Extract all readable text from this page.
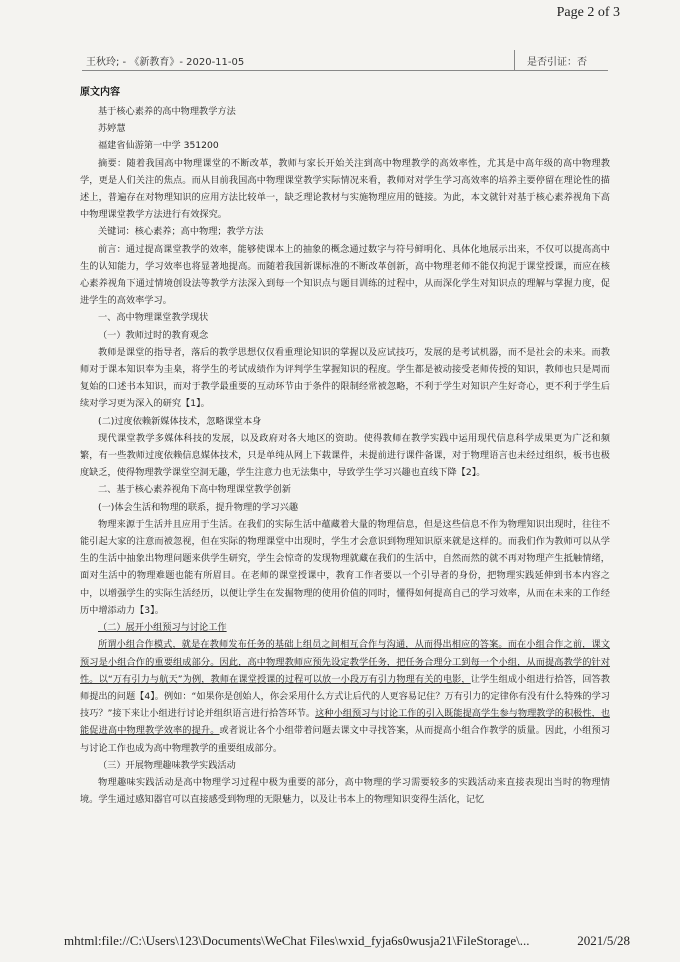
Page 2 of 3
王秋玲; - 《新教育》- 2020-11-05	是否引证：否
原文内容

基于核心素养的高中物理教学方法

苏婷慧

福建省仙游第一中学 351200

摘要：随着我国高中物理课堂的不断改革，教师与家长开始关注到高中物理教学的高效率性，尤其是中高年级的高中物理教学，更是人们关注的焦点。而从目前我国高中物理课堂教学实际情况来看，教师对对学生学习高效率的培养主要停留在理论性的描述上，普遍存在对物理知识的应用方法比较单一，缺乏理论教材与实施物理应用的链接。为此，本文就针对基于核心素养视角下高中物理课堂教学方法进行有效探究。

关键词：核心素养；高中物理；教学方法

前言：通过提高课堂教学的效率，能够使课本上的抽象的概念通过数字与符号鲜明化、具体化地展示出来，不仅可以提高高中生的认知能力，学习效率也将显著地提高。而随着我国新课标准的不断改革创新，高中物理老师不能仅拘泥于课堂授课，而应在核心素养视角下通过情境创设法等教学方法深入到每一个知识点与题目训练的过程中，从而深化学生对知识点的理解与掌握力度，促进学生的高效率学习。

一、高中物理课堂教学现状

（一）教师过时的教育观念

教师是课堂的指导者，落后的教学思想仅仅看重理论知识的掌握以及应试技巧，发展的是考试机器，而不是社会的未来。而教师对于课本知识奉为圭臬，将学生的考试成绩作为评判学生掌握知识的程度。学生都是被动接受老师传授的知识，教师也只是周而复始的口述书本知识，而对于教学最重要的互动环节由于条件的限制经常被忽略，不利于学生对知识产生好奇心，更不利于学生后续对学习更为深入的研究【1】。

(二)过度依赖新媒体技术，忽略课堂本身

现代课堂教学多媒体科技的发展，以及政府对各大地区的资助。使得教师在教学实践中运用现代信息科学成果更为广泛和频繁，有一些教师过度依赖信息媒体技术，只是单纯从网上下载课件，未提前进行课件备课，对于物理语言也未经过组织，板书也极度缺乏，使得物理教学课堂空洞无趣，学生注意力也无法集中，导致学生学习兴趣也直线下降【2】。

二、基于核心素养视角下高中物理课堂教学创新

(一)体会生活和物理的联系，提升物理的学习兴趣

物理来源于生活并且应用于生活。在我们的实际生活中蕴藏着大量的物理信息，但是这些信息不作为物理知识出现时，往往不能引起大家的注意而被忽视，但在实际的物理课堂中出现时，学生才会意识到物理知识原来就是这样的。而我们作为教师可以从学生的生活中抽象出物理问题来供学生研究，学生会惊奇的发现物理就藏在我们的生活中，自然而然的就不再对物理产生抵触情绪，面对生活中的物理难题也能有所眉目。在老师的课堂授课中，教育工作者要以一个引导者的身份，把物理实践延伸到书本内容之中，以增强学生的实际生活经历，以便让学生在发掘物理的使用价值的同时，懂得如何提高自己的学习效率，从而在未来的工作经历中增添动力【3】。

（二）展开小组预习与讨论工作

所谓小组合作模式，就是在教师发布任务的基础上组员之间相互合作与沟通，从而得出相应的答案。而在小组合作之前，课文预习是小组合作的重要组成部分。因此，高中物理教师应预先设定教学任务，把任务合理分工到每一个小组，从而提高教学的针对性。以“万有引力与航天”为例，教师在课堂授课的过程可以放一小段万有引力物理有关的电影，让学生组成小组进行拾答，回答教师提出的问题【4】。例如：“如果你是创始人，你会采用什么方式让后代的人更容易记住？万有引力的定律你有没有什么特殊的学习技巧？”接下来让小组进行讨论并组织语言进行拾答环节。这种小组预习与讨论工作的引入既能提高学生参与物理教学的积极性，也能促进高中物理教学效率的提升。或者说让各个小组带着问题去课文中寻找答案，从而提高小组合作教学的质量。因此，小组预习与讨论工作也成为高中物理教学的重要组成部分。

（三）开展物理趣味教学实践活动

物理趣味实践活动是高中物理学习过程中极为重要的部分，高中物理的学习需要较多的实践活动来直接表现出当时的物理情境。学生通过感知器官可以直接感受到物理的无限魅力，以及让书本上的物理知识变得生活化，记忆

mhtml:file://C:\Users\123\Documents\WeChat Files\wxid_fyja6s0wusja21\FileStorage\...	2021/5/28
